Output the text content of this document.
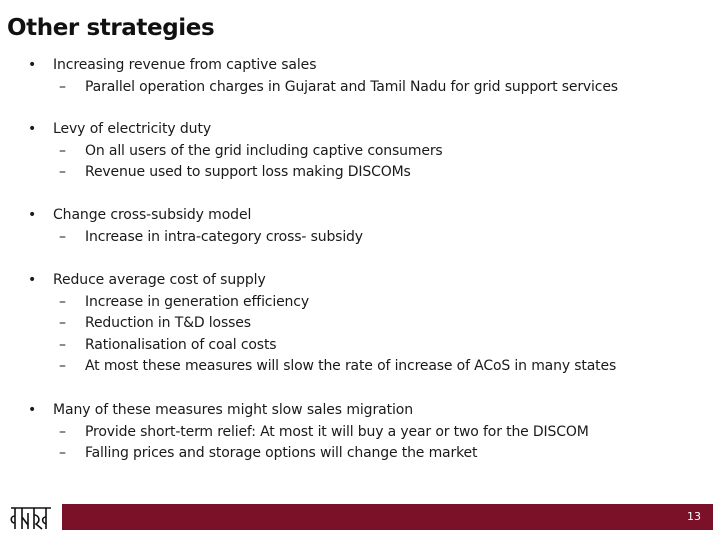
Other strategies
• Increasing revenue from captive sales
– Parallel operation charges in Gujarat and Tamil Nadu for grid support services
• Levy of electricity duty
– On all users of the grid including captive consumers
– Revenue used to support loss making DISCOMs
• Change cross-subsidy model
– Increase in intra-category cross- subsidy
• Reduce average cost of supply
– Increase in generation efficiency
– Reduction in T&D losses
– Rationalisation of coal costs
– At most these measures will slow the rate of increase of ACoS in many states
• Many of these measures might slow sales migration
– Provide short-term relief: At most it will buy a year or two for the DISCOM
– Falling prices and storage options will change the market
13
